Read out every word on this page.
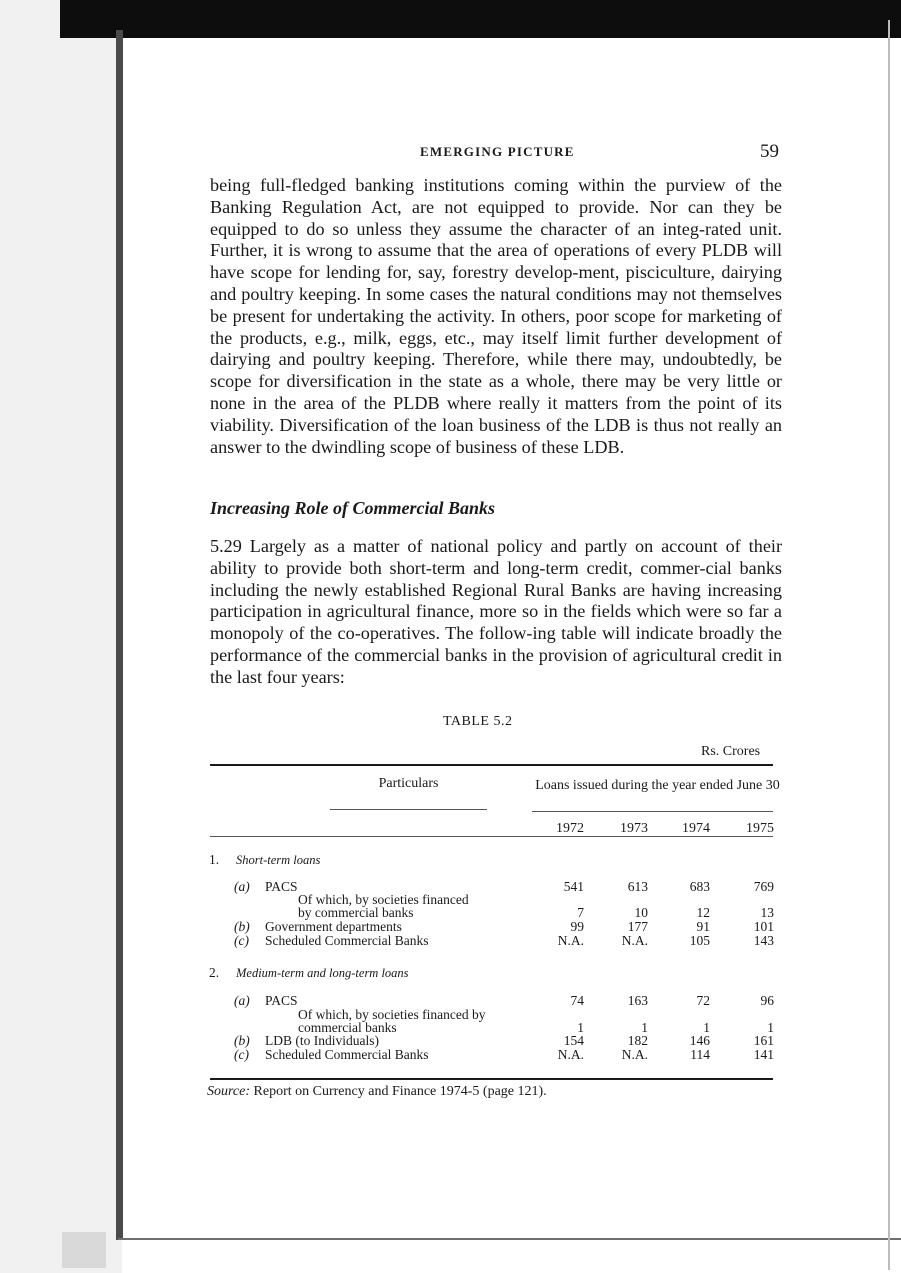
EMERGING PICTURE	59

being full-fledged banking institutions coming within the purview of the Banking Regulation Act, are not equipped to provide. Nor can they be equipped to do so unless they assume the character of an integ-rated unit. Further, it is wrong to assume that the area of operations of every PLDB will have scope for lending for, say, forestry develop-ment, pisciculture, dairying and poultry keeping. In some cases the natural conditions may not themselves be present for undertaking the activity. In others, poor scope for marketing of the products, e.g., milk, eggs, etc., may itself limit further development of dairying and poultry keeping. Therefore, while there may, undoubtedly, be scope for diversification in the state as a whole, there may be very little or none in the area of the PLDB where really it matters from the point of its viability. Diversification of the loan business of the LDB is thus not really an answer to the dwindling scope of business of these LDB.

Increasing Role of Commercial Banks

5.29 Largely as a matter of national policy and partly on account of their ability to provide both short-term and long-term credit, commer-cial banks including the newly established Regional Rural Banks are having increasing participation in agricultural finance, more so in the fields which were so far a monopoly of the co-operatives. The follow-ing table will indicate broadly the performance of the commercial banks in the provision of agricultural credit in the last four years:

TABLE 5.2
Rs. Crores
Particulars	Loans issued during the year ended June 30
1972	1973	1974	1975
1. Short-term loans
(a) PACS	541	613	683	769
Of which, by societies financed
by commercial banks	7	10	12	13
(b) Government departments	99	177	91	101
(c) Scheduled Commercial Banks	N.A.	N.A.	105	143
2. Medium-term and long-term loans
(a) PACS	74	163	72	96
Of which, by societies financed by
commercial banks	1	1	1	1
(b) LDB (to Individuals)	154	182	146	161
(c) Scheduled Commercial Banks	N.A.	N.A.	114	141
Source: Report on Currency and Finance 1974-5 (page 121).
